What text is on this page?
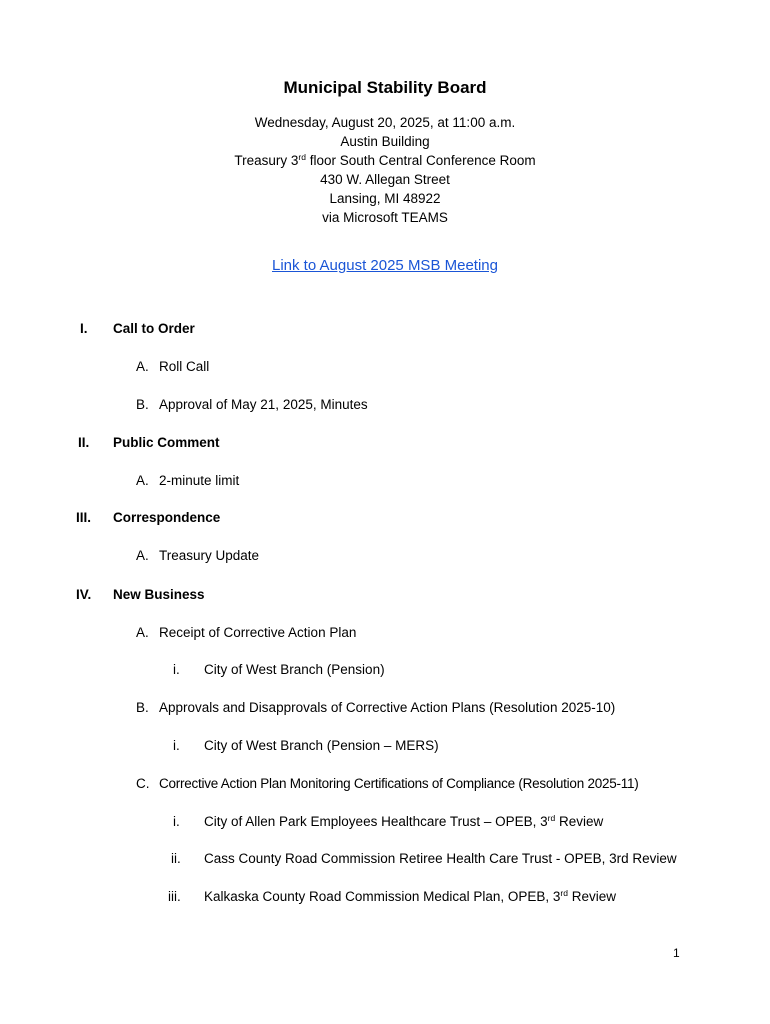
Municipal Stability Board
Wednesday, August 20, 2025, at 11:00 a.m.
Austin Building
Treasury 3rd floor South Central Conference Room
430 W. Allegan Street
Lansing, MI 48922
via Microsoft TEAMS
Link to August 2025 MSB Meeting
I. Call to Order
A. Roll Call
B. Approval of May 21, 2025, Minutes
II. Public Comment
A. 2-minute limit
III. Correspondence
A. Treasury Update
IV. New Business
A. Receipt of Corrective Action Plan
i. City of West Branch (Pension)
B. Approvals and Disapprovals of Corrective Action Plans (Resolution 2025-10)
i. City of West Branch (Pension – MERS)
C. Corrective Action Plan Monitoring Certifications of Compliance (Resolution 2025-11)
i. City of Allen Park Employees Healthcare Trust – OPEB, 3rd Review
ii. Cass County Road Commission Retiree Health Care Trust - OPEB, 3rd Review
iii. Kalkaska County Road Commission Medical Plan, OPEB, 3rd Review
1
